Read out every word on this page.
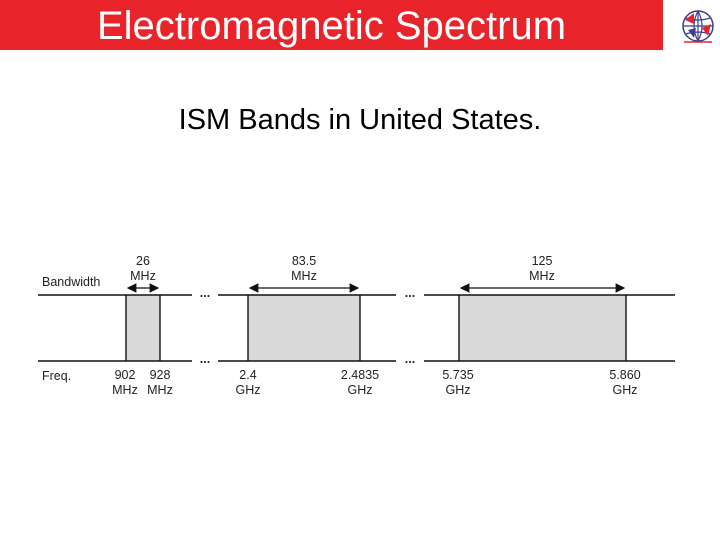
Electromagnetic Spectrum
ISM Bands in United States.
Bandwidth
Freq.
...
...
...
...
26
MHz
83.5
MHz
125
MHz
902
MHz
928
MHz
2.4
GHz
2.4835
GHz
5.735
GHz
5.860
GHz
